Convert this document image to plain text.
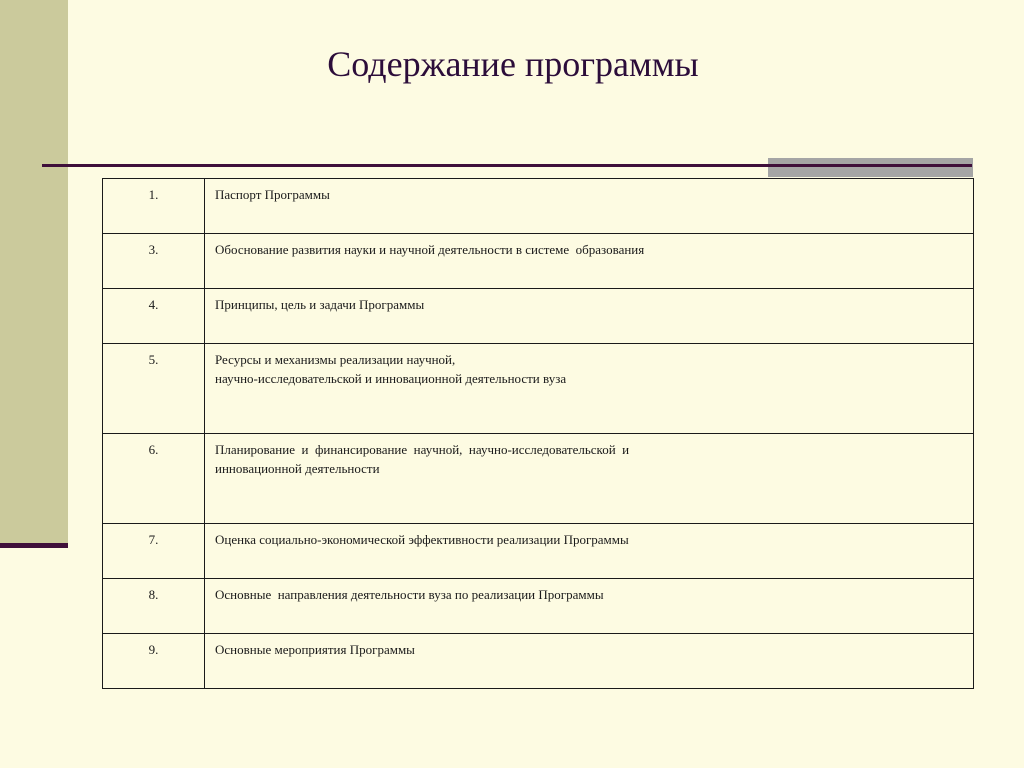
Содержание программы
1.	Паспорт Программы

3.	Обоснование развития науки и научной деятельности в системе  образования

4.	Принципы, цель и задачи Программы

5.	Ресурсы и механизмы реализации научной,
научно-исследовательской и инновационной деятельности вуза

6.	Планирование  и  финансирование  научной,  научно-исследовательской  и
инновационной деятельности

7.	Оценка социально-экономической эффективности реализации Программы

8.	Основные  направления деятельности вуза по реализации Программы

9.	Основные мероприятия Программы
